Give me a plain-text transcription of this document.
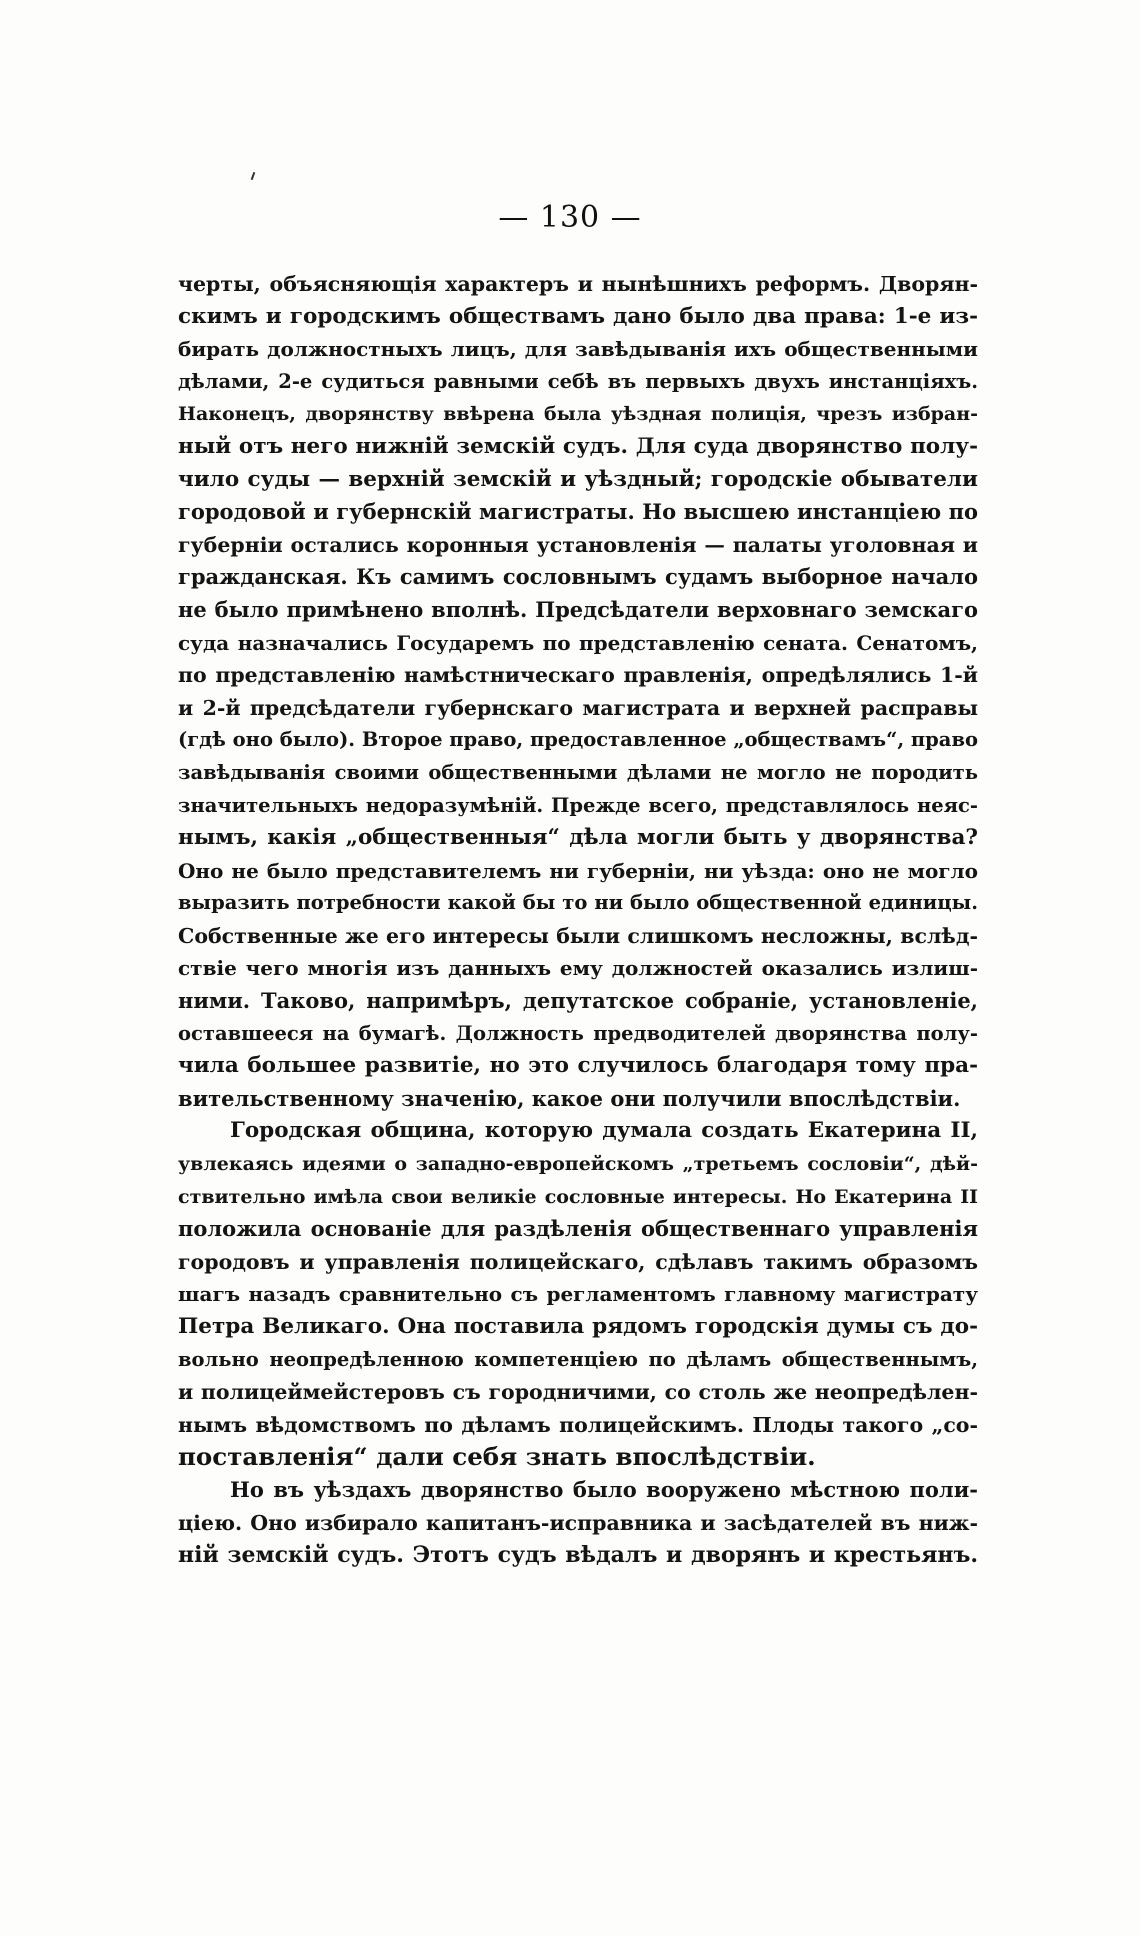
— 130 —
черты, объясняющія характеръ и нынѣшнихъ реформъ. Дворян-
скимъ и городскимъ обществамъ дано было два права: 1-е из-
бирать должностныхъ лицъ, для завѣдыванія ихъ общественными
дѣлами, 2-е судиться равными себѣ въ первыхъ двухъ инстанціяхъ.
Наконецъ, дворянству ввѣрена была уѣздная полиція, чрезъ избран-
ный отъ него нижній земскій судъ. Для суда дворянство полу-
чило суды — верхній земскій и уѣздный; городскіе обыватели
городовой и губернскій магистраты. Но высшею инстанціею по
губерніи остались коронныя установленія — палаты уголовная и
гражданская. Къ самимъ сословнымъ судамъ выборное начало
не было примѣнено вполнѣ. Предсѣдатели верховнаго земскаго
суда назначались Государемъ по представленію сената. Сенатомъ,
по представленію намѣстническаго правленія, опредѣлялись 1-й
и 2-й предсѣдатели губернскаго магистрата и верхней расправы
(гдѣ оно было). Второе право, предоставленное „обществамъ“, право
завѣдыванія своими общественными дѣлами не могло не породить
значительныхъ недоразумѣній. Прежде всего, представлялось неяс-
нымъ, какія „общественныя“ дѣла могли быть у дворянства?
Оно не было представителемъ ни губерніи, ни уѣзда: оно не могло
выразить потребности какой бы то ни было общественной единицы.
Собственные же его интересы были слишкомъ несложны, вслѣд-
ствіе чего многія изъ данныхъ ему должностей оказались излиш-
ними. Таково, напримѣръ, депутатское собраніе, установленіе,
оставшееся на бумагѣ. Должность предводителей дворянства полу-
чила большее развитіе, но это случилось благодаря тому пра-
вительственному значенію, какое они получили впослѣдствіи.
Городская община, которую думала создать Екатерина II,
увлекаясь идеями о западно-европейскомъ „третьемъ сословіи“, дѣй-
ствительно имѣла свои великіе сословные интересы. Но Екатерина II
положила основаніе для раздѣленія общественнаго управленія
городовъ и управленія полицейскаго, сдѣлавъ такимъ образомъ
шагъ назадъ сравнительно съ регламентомъ главному магистрату
Петра Великаго. Она поставила рядомъ городскія думы съ до-
вольно неопредѣленною компетенціею по дѣламъ общественнымъ,
и полицеймейстеровъ съ городничими, со столь же неопредѣлен-
нымъ вѣдомствомъ по дѣламъ полицейскимъ. Плоды такого „со-
поставленія“ дали себя знать впослѣдствіи.
Но въ уѣздахъ дворянство было вооружено мѣстною поли-
ціею. Оно избирало капитанъ-исправника и засѣдателей въ ниж-
ній земскій судъ. Этотъ судъ вѣдалъ и дворянъ и крестьянъ.
